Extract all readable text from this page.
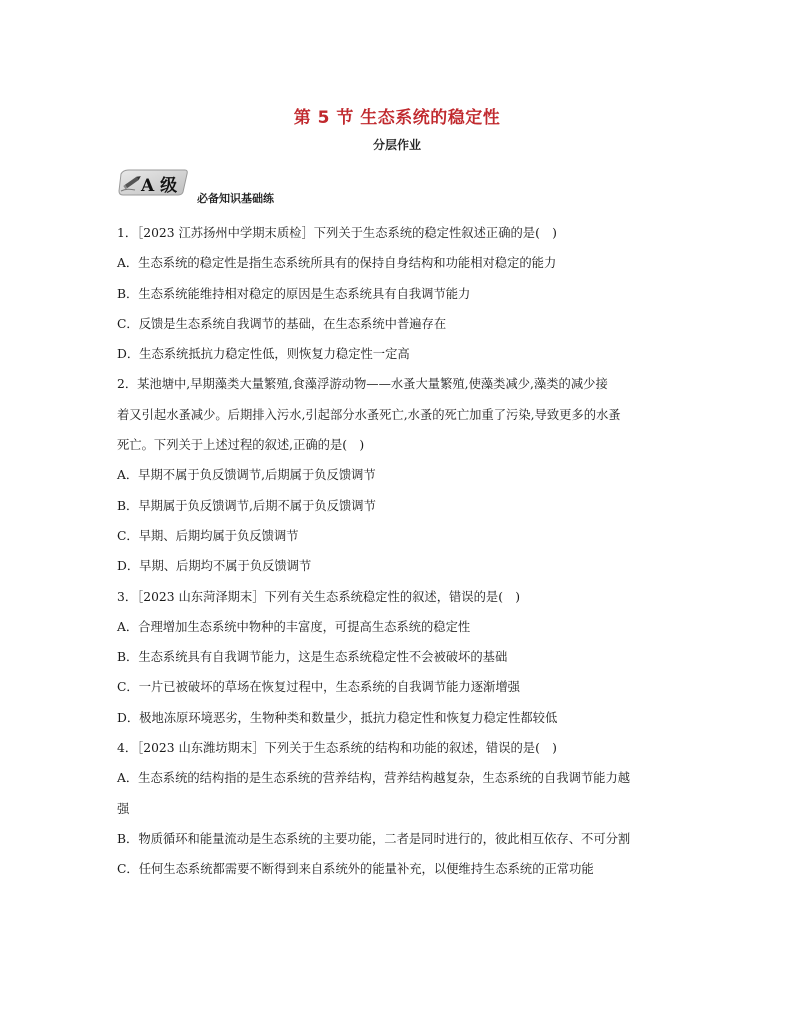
第 5 节 生态系统的稳定性
分层作业
A 级
必备知识基础练
1．［2023 江苏扬州中学期末质检］下列关于生态系统的稳定性叙述正确的是(　)
A．生态系统的稳定性是指生态系统所具有的保持自身结构和功能相对稳定的能力
B．生态系统能维持相对稳定的原因是生态系统具有自我调节能力
C．反馈是生态系统自我调节的基础，在生态系统中普遍存在
D．生态系统抵抗力稳定性低，则恢复力稳定性一定高
2．某池塘中,早期藻类大量繁殖,食藻浮游动物——水蚤大量繁殖,使藻类减少,藻类的减少接
着又引起水蚤减少。后期排入污水,引起部分水蚤死亡,水蚤的死亡加重了污染,导致更多的水蚤
死亡。下列关于上述过程的叙述,正确的是(　)
A．早期不属于负反馈调节,后期属于负反馈调节
B．早期属于负反馈调节,后期不属于负反馈调节
C．早期、后期均属于负反馈调节
D．早期、后期均不属于负反馈调节
3．［2023 山东菏泽期末］下列有关生态系统稳定性的叙述，错误的是(　)
A．合理增加生态系统中物种的丰富度，可提高生态系统的稳定性
B．生态系统具有自我调节能力，这是生态系统稳定性不会被破坏的基础
C．一片已被破坏的草场在恢复过程中，生态系统的自我调节能力逐渐增强
D．极地冻原环境恶劣，生物种类和数量少，抵抗力稳定性和恢复力稳定性都较低
4．［2023 山东潍坊期末］下列关于生态系统的结构和功能的叙述，错误的是(　)
A．生态系统的结构指的是生态系统的营养结构，营养结构越复杂，生态系统的自我调节能力越
强
B．物质循环和能量流动是生态系统的主要功能，二者是同时进行的，彼此相互依存、不可分割
C．任何生态系统都需要不断得到来自系统外的能量补充，以便维持生态系统的正常功能
